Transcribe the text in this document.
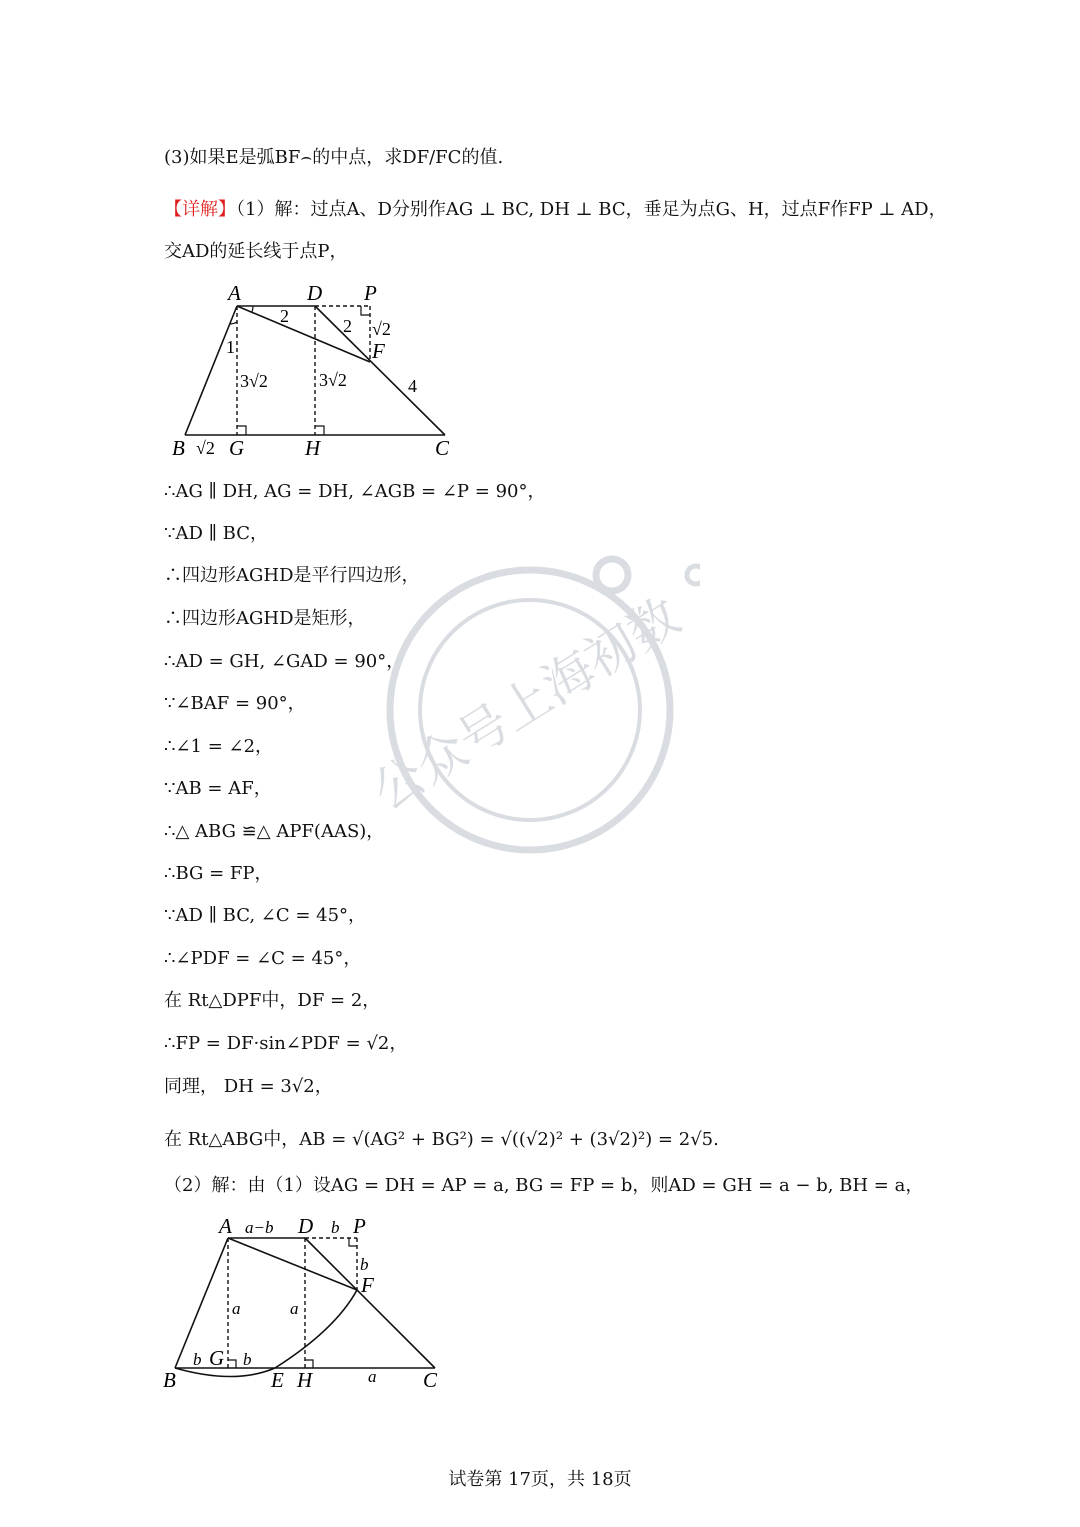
(3)如果E是弧BF⌢的中点，求DF/FC的值.
【详解】（1）解：过点A、D分别作AG ⊥ BC, DH ⊥ BC，垂足为点G、H，过点F作FP ⊥ AD，
交AD的延长线于点P，
A	D P
F
B G	H	C
2	2 √2
1
3√2	3√2	4
√2
∴AG ∥ DH, AG = DH, ∠AGB = ∠P = 90°，
∵AD ∥ BC，
∴四边形AGHD是平行四边形，
∴四边形AGHD是矩形，
∴AD = GH, ∠GAD = 90°，
∵∠BAF = 90°，
∴∠1 = ∠2，
∵AB = AF，
∴△ ABG ≌△ APF(AAS)，
∴BG = FP，
∵AD ∥ BC, ∠C = 45°，
∴∠PDF = ∠C = 45°，
在 Rt△DPF中，DF = 2，
∴FP = DF·sin∠PDF = √2，
同理， DH = 3√2，
在 Rt△ABG中，AB = √(AG² + BG²) = √((√2)² + (3√2)²) = 2√5.
（2）解：由（1）设AG = DH = AP = a, BG = FP = b，则AD = GH = a − b, BH = a，
A	D P
F
B
G
E H	C
a−b	b
b
a	a
b b
a
公众号上海初数
试卷第 17页，共 18页
